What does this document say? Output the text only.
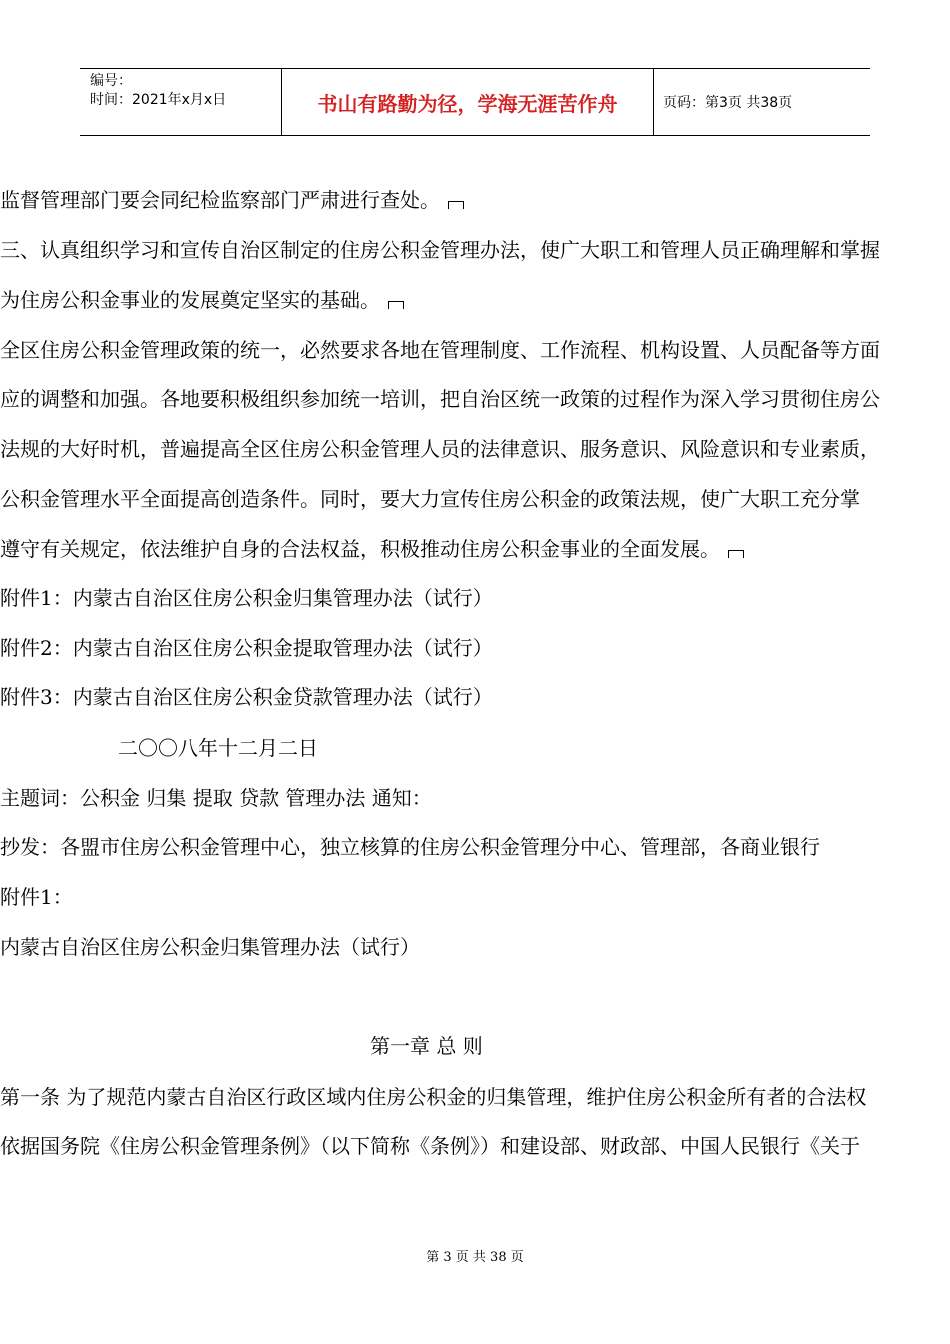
编号：
时间：2021年x月x日	书山有路勤为径，学海无涯苦作舟	页码：第3页 共38页
监督管理部门要会同纪检监察部门严肃进行查处。
三、认真组织学习和宣传自治区制定的住房公积金管理办法，使广大职工和管理人员正确理解和掌握
为住房公积金事业的发展奠定坚实的基础。
全区住房公积金管理政策的统一，必然要求各地在管理制度、工作流程、机构设置、人员配备等方面
应的调整和加强。各地要积极组织参加统一培训，把自治区统一政策的过程作为深入学习贯彻住房公
法规的大好时机，普遍提高全区住房公积金管理人员的法律意识、服务意识、风险意识和专业素质，
公积金管理水平全面提高创造条件。同时，要大力宣传住房公积金的政策法规，使广大职工充分掌
遵守有关规定，依法维护自身的合法权益，积极推动住房公积金事业的全面发展。
附件1：内蒙古自治区住房公积金归集管理办法（试行）
附件2：内蒙古自治区住房公积金提取管理办法（试行）
附件3：内蒙古自治区住房公积金贷款管理办法（试行）
二〇〇八年十二月二日
主题词：公积金 归集 提取 贷款 管理办法 通知：
抄发：各盟市住房公积金管理中心，独立核算的住房公积金管理分中心、管理部，各商业银行
附件1：
内蒙古自治区住房公积金归集管理办法（试行）
第一章 总 则
第一条 为了规范内蒙古自治区行政区域内住房公积金的归集管理，维护住房公积金所有者的合法权
依据国务院《住房公积金管理条例》（以下简称《条例》）和建设部、财政部、中国人民银行《关于
第 3 页 共 38 页
